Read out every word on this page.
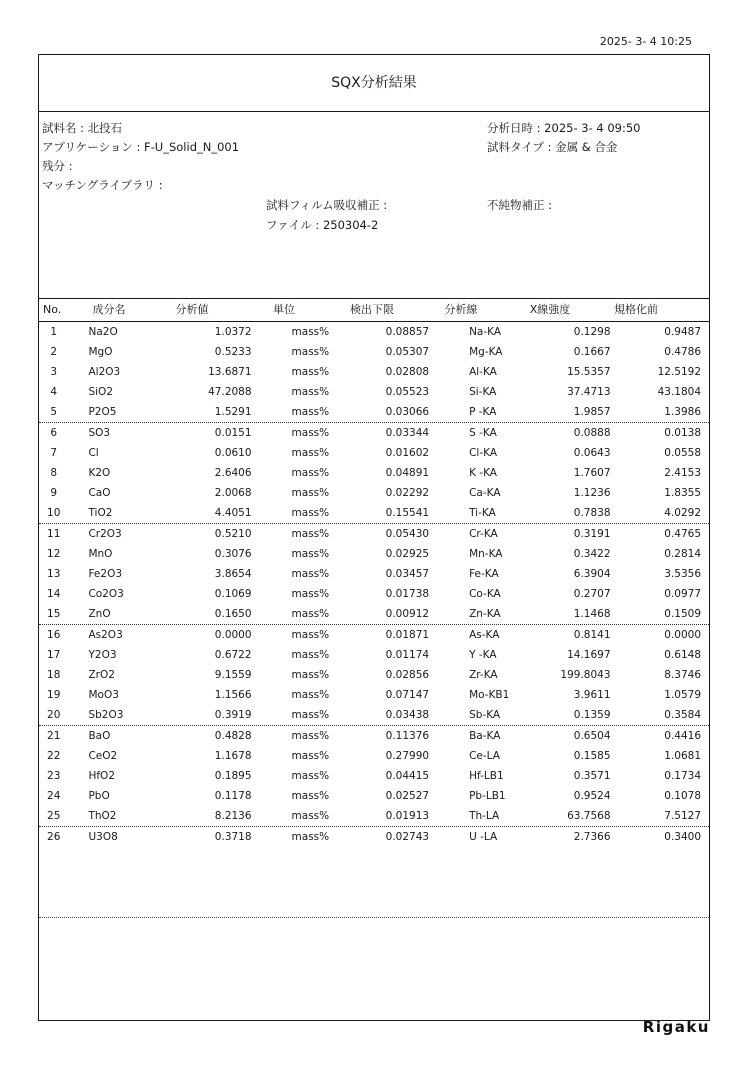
2025- 3- 4 10:25
SQX分析結果
試料名 : 北投石
アプリケーション : F-U_Solid_N_001
残分 :
マッチングライブラリ :
試料フィルム吸収補正 :
ファイル : 250304-2
分析日時 : 2025- 3- 4 09:50
試料タイプ : 金属 & 合金
不純物補正 :
No.	成分名	分析値	単位	検出下限	分析線	X線強度	規格化前
1	Na2O	1.0372	mass%	0.08857	Na-KA	0.1298	0.9487
2	MgO	0.5233	mass%	0.05307	Mg-KA	0.1667	0.4786
3	Al2O3	13.6871	mass%	0.02808	Al-KA	15.5357	12.5192
4	SiO2	47.2088	mass%	0.05523	Si-KA	37.4713	43.1804
5	P2O5	1.5291	mass%	0.03066	P -KA	1.9857	1.3986
6	SO3	0.0151	mass%	0.03344	S -KA	0.0888	0.0138
7	Cl	0.0610	mass%	0.01602	Cl-KA	0.0643	0.0558
8	K2O	2.6406	mass%	0.04891	K -KA	1.7607	2.4153
9	CaO	2.0068	mass%	0.02292	Ca-KA	1.1236	1.8355
10	TiO2	4.4051	mass%	0.15541	Ti-KA	0.7838	4.0292
11	Cr2O3	0.5210	mass%	0.05430	Cr-KA	0.3191	0.4765
12	MnO	0.3076	mass%	0.02925	Mn-KA	0.3422	0.2814
13	Fe2O3	3.8654	mass%	0.03457	Fe-KA	6.3904	3.5356
14	Co2O3	0.1069	mass%	0.01738	Co-KA	0.2707	0.0977
15	ZnO	0.1650	mass%	0.00912	Zn-KA	1.1468	0.1509
16	As2O3	0.0000	mass%	0.01871	As-KA	0.8141	0.0000
17	Y2O3	0.6722	mass%	0.01174	Y -KA	14.1697	0.6148
18	ZrO2	9.1559	mass%	0.02856	Zr-KA	199.8043	8.3746
19	MoO3	1.1566	mass%	0.07147	Mo-KB1	3.9611	1.0579
20	Sb2O3	0.3919	mass%	0.03438	Sb-KA	0.1359	0.3584
21	BaO	0.4828	mass%	0.11376	Ba-KA	0.6504	0.4416
22	CeO2	1.1678	mass%	0.27990	Ce-LA	0.1585	1.0681
23	HfO2	0.1895	mass%	0.04415	Hf-LB1	0.3571	0.1734
24	PbO	0.1178	mass%	0.02527	Pb-LB1	0.9524	0.1078
25	ThO2	8.2136	mass%	0.01913	Th-LA	63.7568	7.5127
26	U3O8	0.3718	mass%	0.02743	U -LA	2.7366	0.3400
Rigaku
